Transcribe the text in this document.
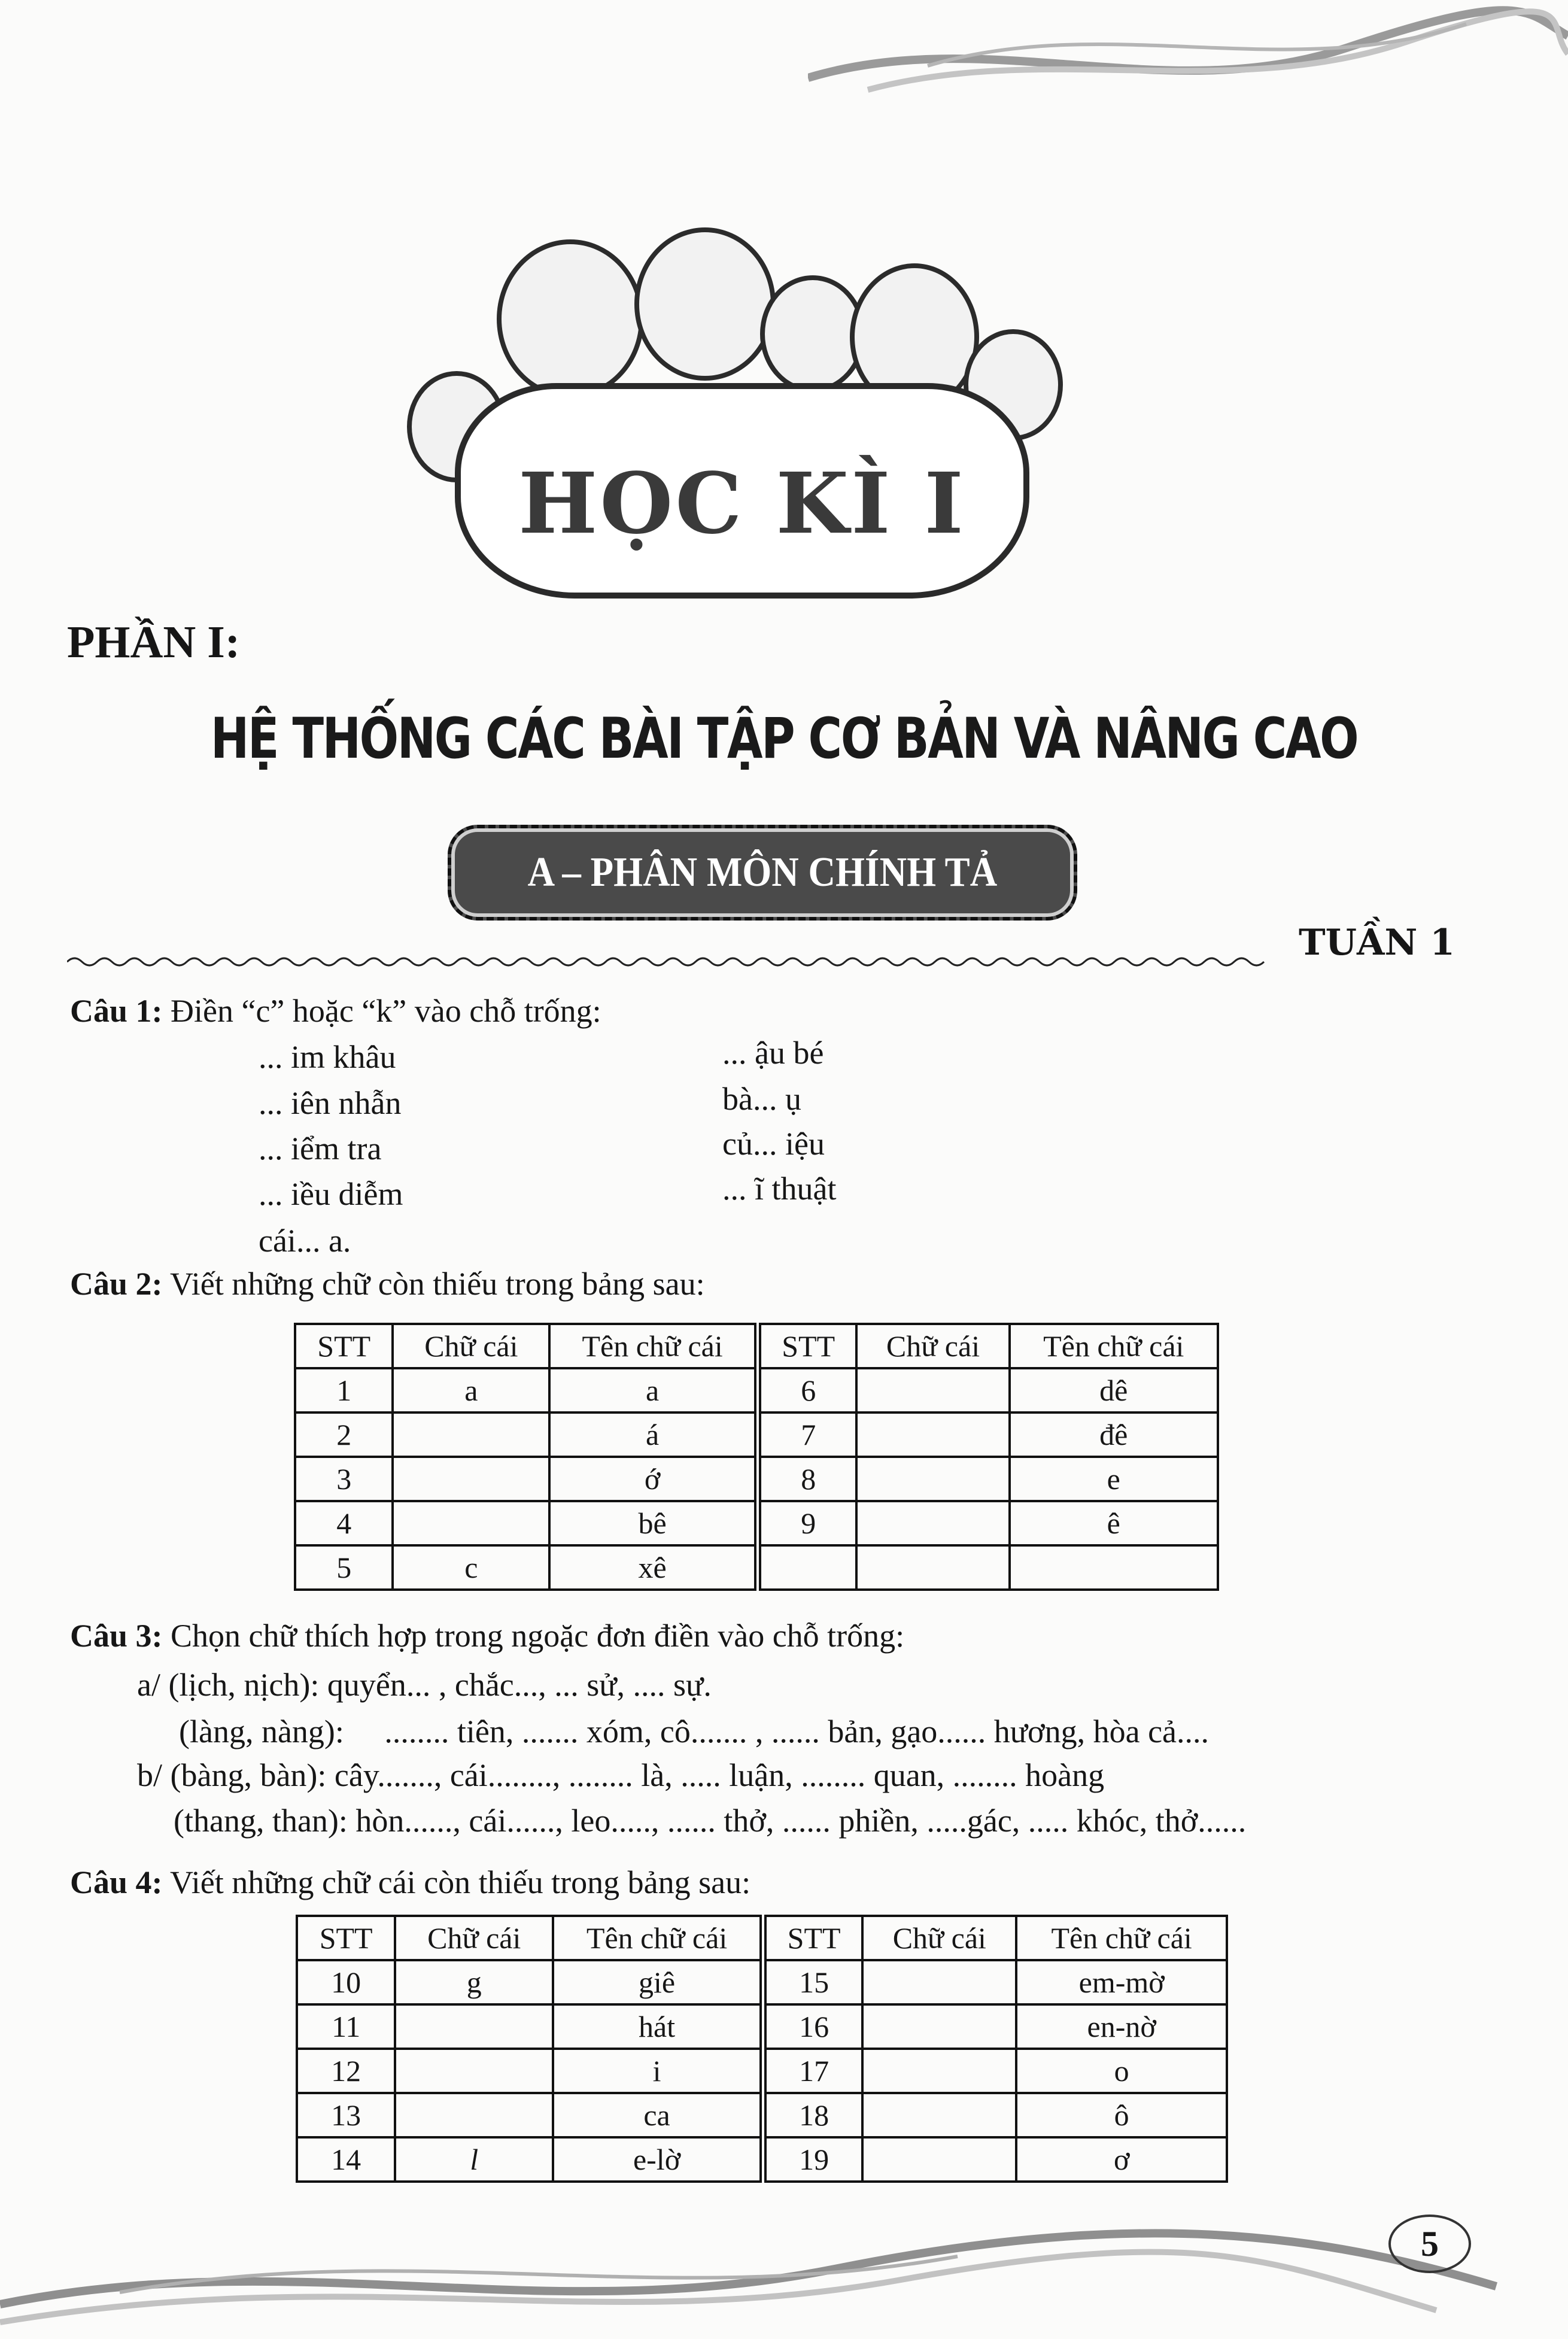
HỌC KÌ I
PHẦN I:
HỆ THỐNG CÁC BÀI TẬP CƠ BẢN VÀ NÂNG CAO
A – PHÂN MÔN CHÍNH TẢ
TUẦN 1
Câu 1: Điền “c” hoặc “k” vào chỗ trống:
... im khâu
... iên nhẫn
... iểm tra
... iều diễm
cái... a.
... ậu bé
bà... ụ
củ... iệu
... ĩ thuật
Câu 2: Viết những chữ còn thiếu trong bảng sau:
STT	Chữ cái	Tên chữ cái	STT	Chữ cái	Tên chữ cái
1	a	a	6		dê
2		á	7		đê
3		ớ	8		e
4		bê	9		ê
5	c	xê			
Câu 3: Chọn chữ thích hợp trong ngoặc đơn điền vào chỗ trống:
a/ (lịch, nịch): quyển... , chắc..., ... sử, .... sự.
(làng, nàng):     ........ tiên, ....... xóm, cô....... , ...... bản, gạo...... hương, hòa cả....
b/ (bàng, bàn): cây......., cái........, ........ là, ..... luận, ........ quan, ........ hoàng
(thang, than): hòn......, cái......, leo....., ...... thở, ...... phiền, .....gác, ..... khóc, thở......
Câu 4: Viết những chữ cái còn thiếu trong bảng sau:
STT	Chữ cái	Tên chữ cái	STT	Chữ cái	Tên chữ cái
10	g	giê	15		em-mờ
11		hát	16		en-nờ
12		i	17		o
13		ca	18		ô
14	l	e-lờ	19		ơ
5
